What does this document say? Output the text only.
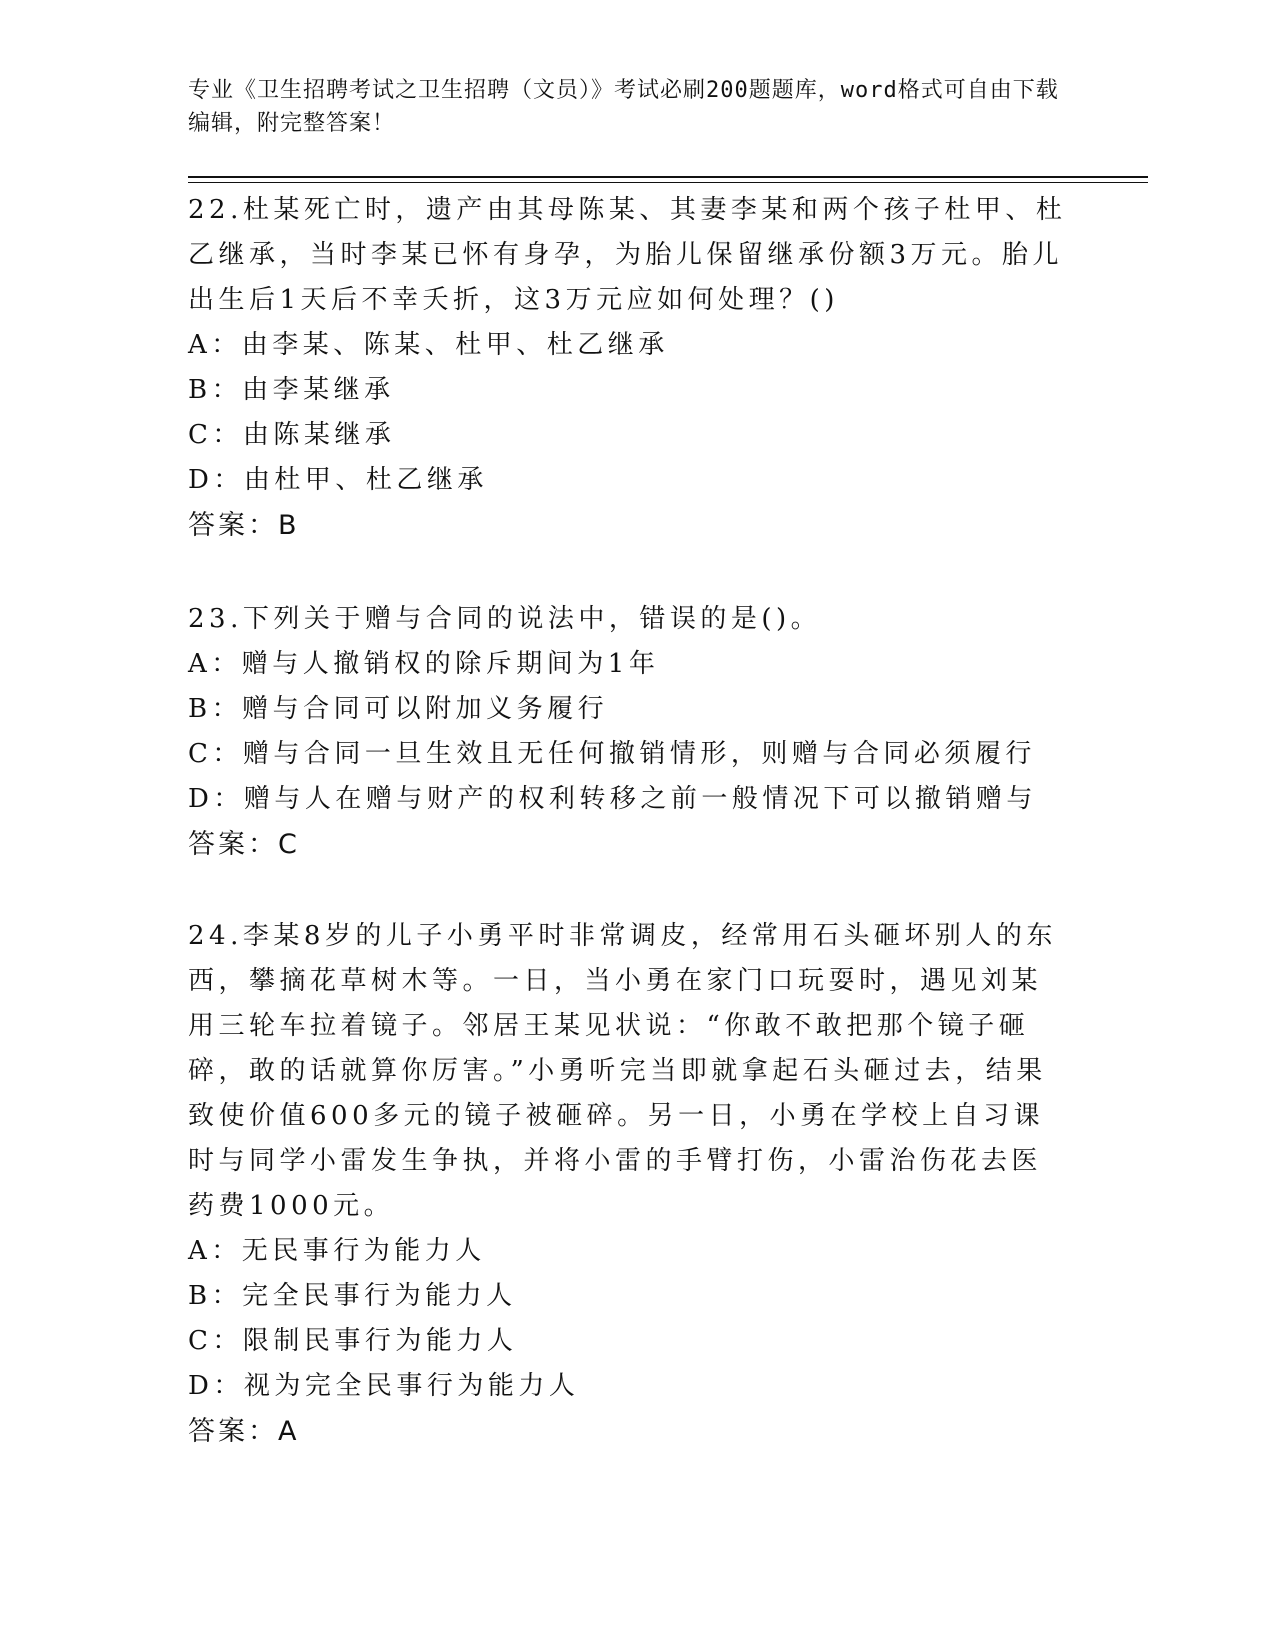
专业《卫生招聘考试之卫生招聘（文员）》考试必刷200题题库，word格式可自由下载编辑，附完整答案！

22.杜某死亡时，遗产由其母陈某、其妻李某和两个孩子杜甲、杜乙继承，当时李某已怀有身孕，为胎儿保留继承份额3万元。胎儿出生后1天后不幸夭折，这3万元应如何处理？()

A：由李某、陈某、杜甲、杜乙继承

B：由李某继承

C：由陈某继承

D：由杜甲、杜乙继承

答案：B

23.下列关于赠与合同的说法中，错误的是()。

A：赠与人撤销权的除斥期间为1年

B：赠与合同可以附加义务履行

C：赠与合同一旦生效且无任何撤销情形，则赠与合同必须履行

D：赠与人在赠与财产的权利转移之前一般情况下可以撤销赠与

答案：C

24.李某8岁的儿子小勇平时非常调皮，经常用石头砸坏别人的东西，攀摘花草树木等。一日，当小勇在家门口玩耍时，遇见刘某用三轮车拉着镜子。邻居王某见状说：“你敢不敢把那个镜子砸碎，敢的话就算你厉害。”小勇听完当即就拿起石头砸过去，结果致使价值600多元的镜子被砸碎。另一日，小勇在学校上自习课时与同学小雷发生争执，并将小雷的手臂打伤，小雷治伤花去医药费1000元。

A：无民事行为能力人

B：完全民事行为能力人

C：限制民事行为能力人

D：视为完全民事行为能力人

答案：A
